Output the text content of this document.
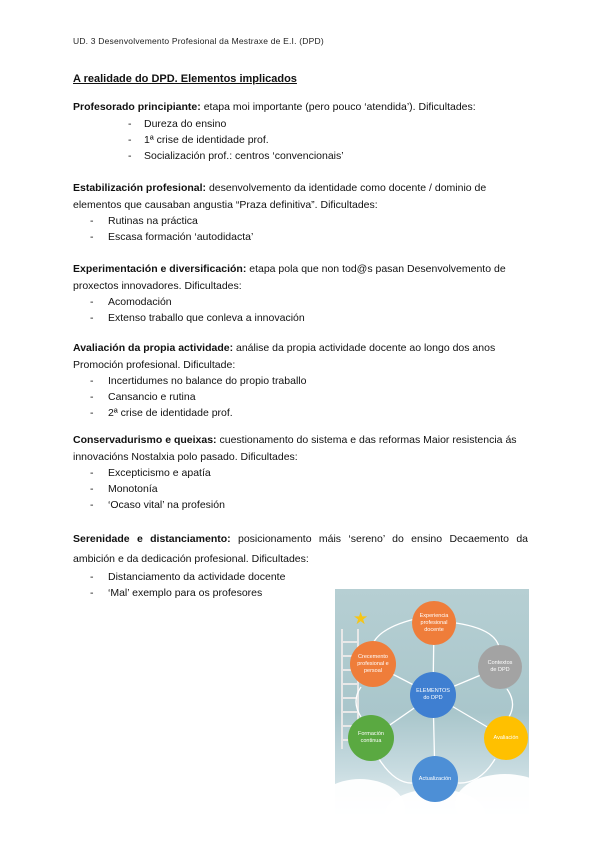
UD. 3 Desenvolvemento Profesional da Mestraxe de E.I. (DPD)
A realidade do DPD. Elementos implicados

Profesorado principiante: etapa moi importante (pero pouco ‘atendida’). Dificultades:

- Dureza do ensino
- 1ª crise de identidade prof.
- Socialización prof.: centros ‘convencionais’

Estabilización profesional: desenvolvemento da identidade como docente / dominio de elementos que causaban angustia “Praza definitiva”. Dificultades:

- Rutinas na práctica
- Escasa formación ‘autodidacta’

Experimentación e diversificación: etapa pola que non tod@s pasan Desenvolvemento de proxectos innovadores. Dificultades:

- Acomodación
- Extenso traballo que conleva a innovación

Avaliación da propia actividade: análise da propia actividade docente ao longo dos anos Promoción profesional. Dificultade:

- Incertidumes no balance do propio traballo
- Cansancio e rutina
- 2ª crise de identidade prof.

Conservadurismo e queixas: cuestionamento do sistema e das reformas Maior resistencia ás innovacións Nostalxia polo pasado. Dificultades:

- Excepticismo e apatía
- Monotonía
- ‘Ocaso vital’ na profesión

Serenidade e distanciamento: posicionamento máis ‘sereno’ do ensino Decaemento da ambición e da dedicación profesional. Dificultades:

- Distanciamento da actividade docente
- ‘Mal’ exemplo para os profesores
★	Experiencia profesional docente
Crecemento profesional e persoal
Contextos de DPD
ELEMENTOS do DPD
Formación continua
Avaliación
Actualización
